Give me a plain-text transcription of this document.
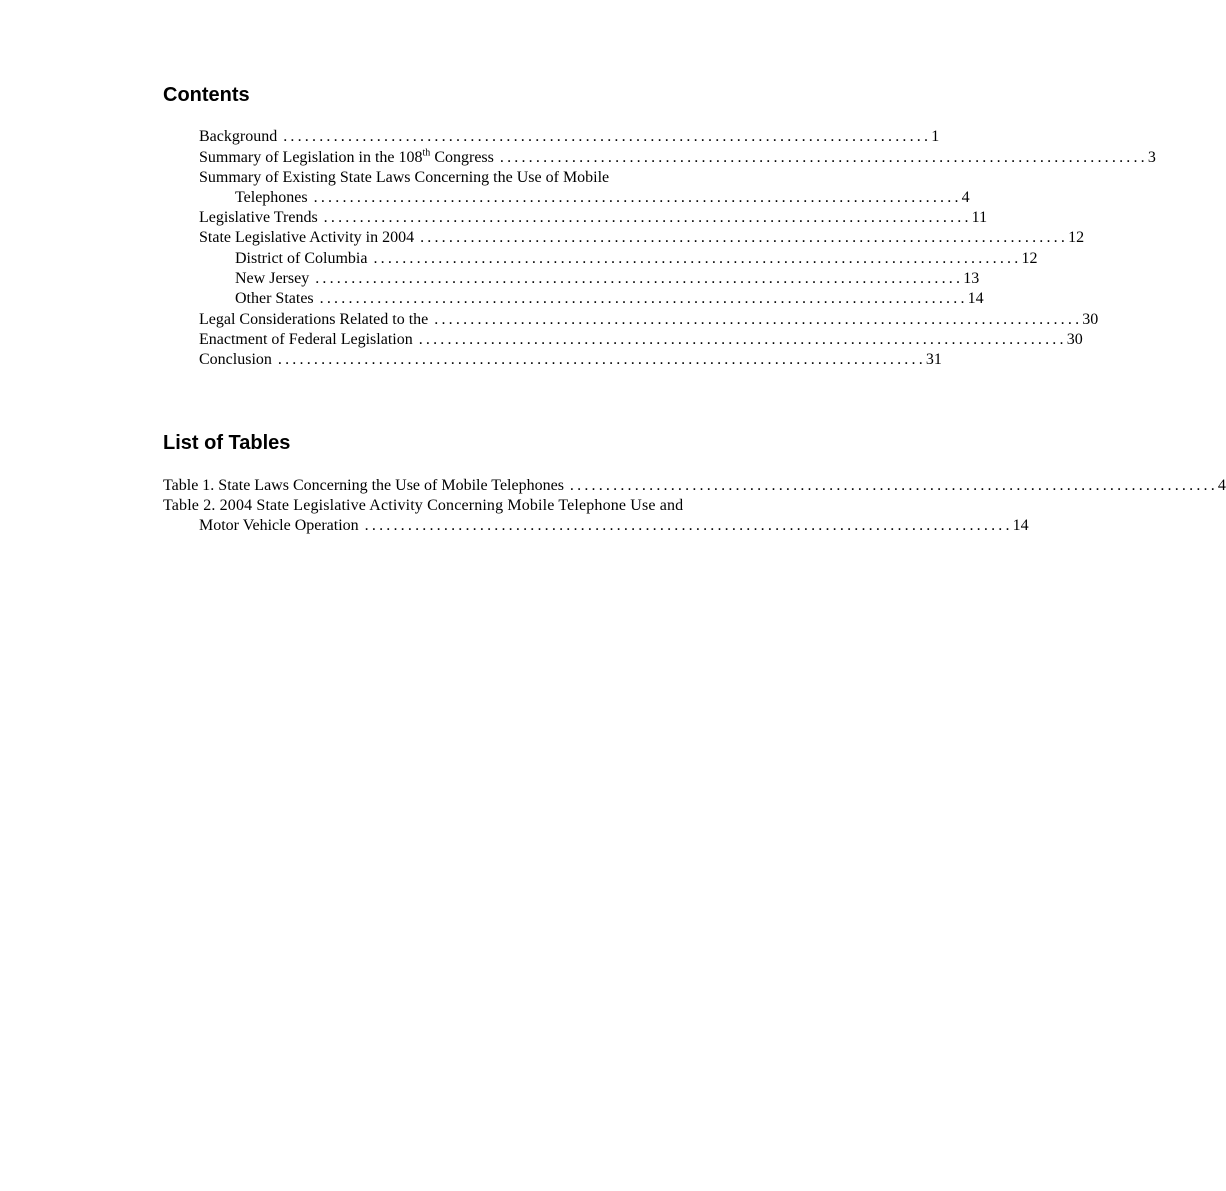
Contents
Background .......................................................................................... 1
Summary of Legislation in the 108th Congress .......................................................................................... 3
Summary of Existing State Laws Concerning the Use of Mobile
Telephones .......................................................................................... 4
Legislative Trends .......................................................................................... 11
State Legislative Activity in 2004 .......................................................................................... 12
District of Columbia .......................................................................................... 12
New Jersey .......................................................................................... 13
Other States .......................................................................................... 14
Legal Considerations Related to the .......................................................................................... 30
Enactment of Federal Legislation .......................................................................................... 30
Conclusion .......................................................................................... 31
List of Tables
Table 1. State Laws Concerning the Use of Mobile Telephones .......................................................................................... 4
Table 2. 2004 State Legislative Activity Concerning Mobile Telephone Use and
Motor Vehicle Operation .......................................................................................... 14
